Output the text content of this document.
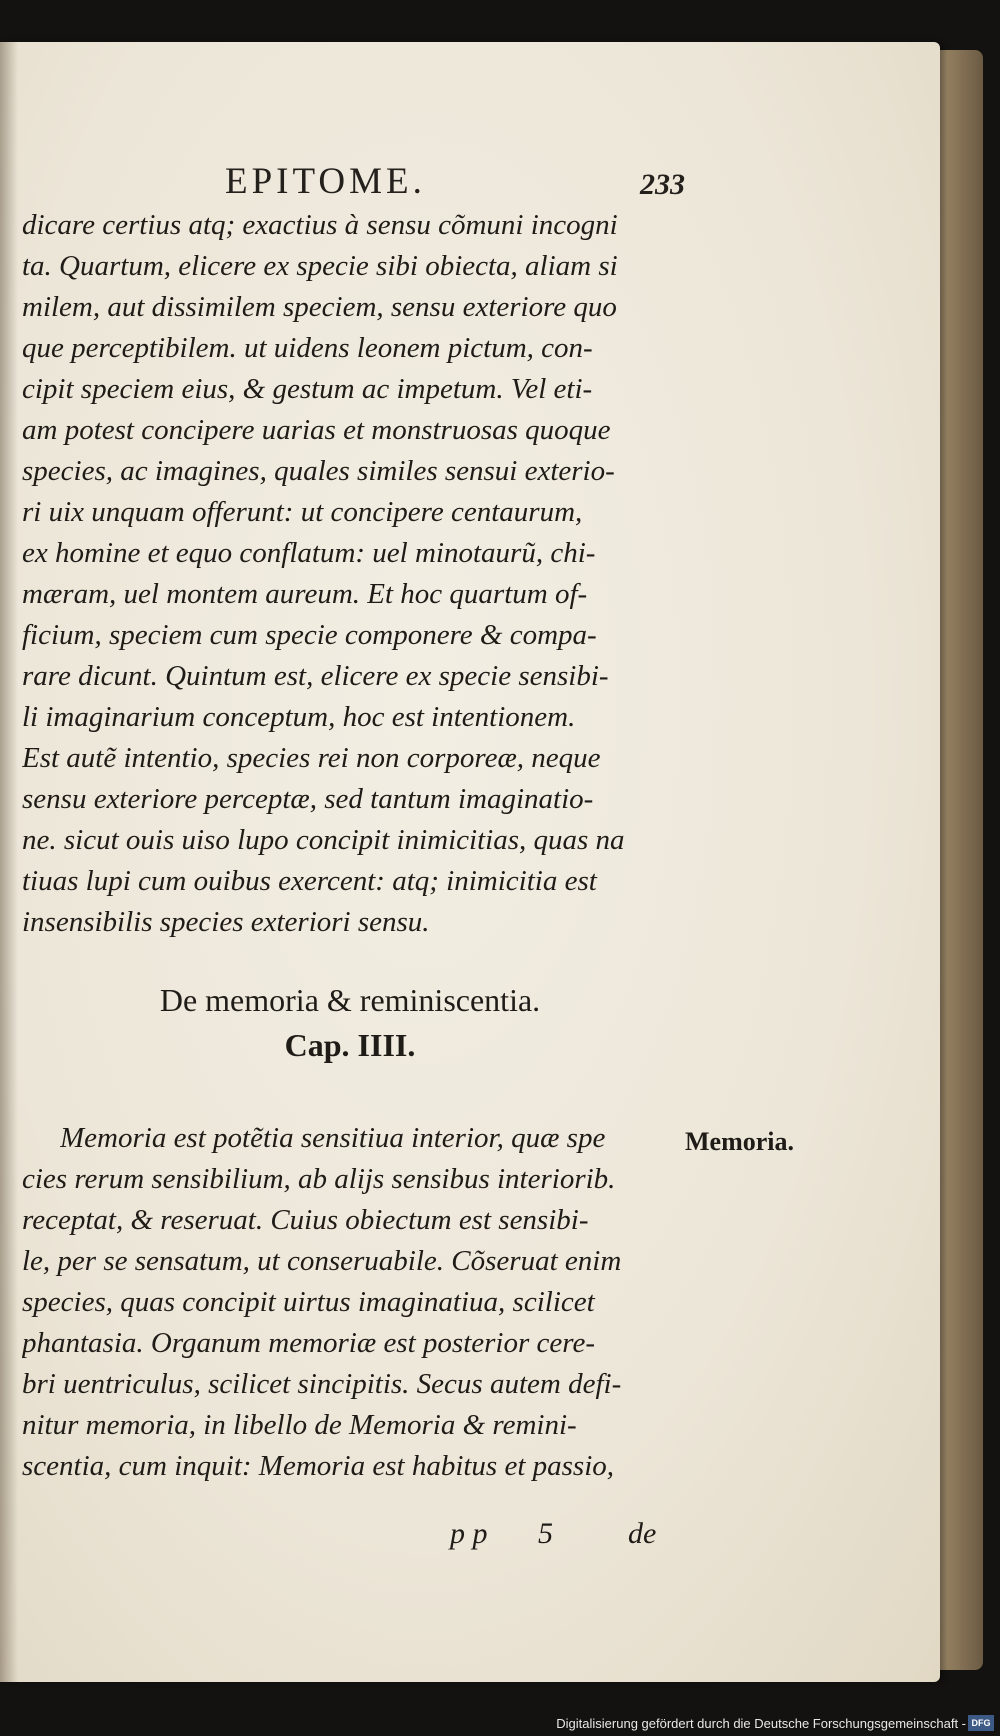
EPITOME.	233
dicare certius atq; exactius à sensu cõmuni incogni
ta. Quartum, elicere ex specie sibi obiecta, aliam si
milem, aut dissimilem speciem, sensu exteriore quo
que perceptibilem. ut uidens leonem pictum, con-
cipit speciem eius, & gestum ac impetum. Vel eti-
am potest concipere uarias et monstruosas quoque
species, ac imagines, quales similes sensui exterio-
ri uix unquam offerunt: ut concipere centaurum,
ex homine et equo conflatum: uel minotaurũ, chi-
mæram, uel montem aureum. Et hoc quartum of-
ficium, speciem cum specie componere & compa-
rare dicunt. Quintum est, elicere ex specie sensibi-
li imaginarium conceptum, hoc est intentionem.
Est autẽ intentio, species rei non corporeæ, neque
sensu exteriore perceptæ, sed tantum imaginatio-
ne. sicut ouis uiso lupo concipit inimicitias, quas na
tiuas lupi cum ouibus exercent: atq; inimicitia est
insensibilis species exteriori sensu.
De memoria & reminiscentia.
Cap. IIII.
Memoria est potẽtia sensitiua interior, quæ spe
cies rerum sensibilium, ab alijs sensibus interiorib.
receptat, & reseruat. Cuius obiectum est sensibi-
le, per se sensatum, ut conseruabile. Cõseruat enim
species, quas concipit uirtus imaginatiua, scilicet
phantasia. Organum memoriæ est posterior cere-
bri uentriculus, scilicet sincipitis. Secus autem defi-
nitur memoria, in libello de Memoria & remini-
scentia, cum inquit: Memoria est habitus et passio,
Memoria.
p p 5	de
Digitalisierung gefördert durch die Deutsche Forschungsgemeinschaft - DFG
